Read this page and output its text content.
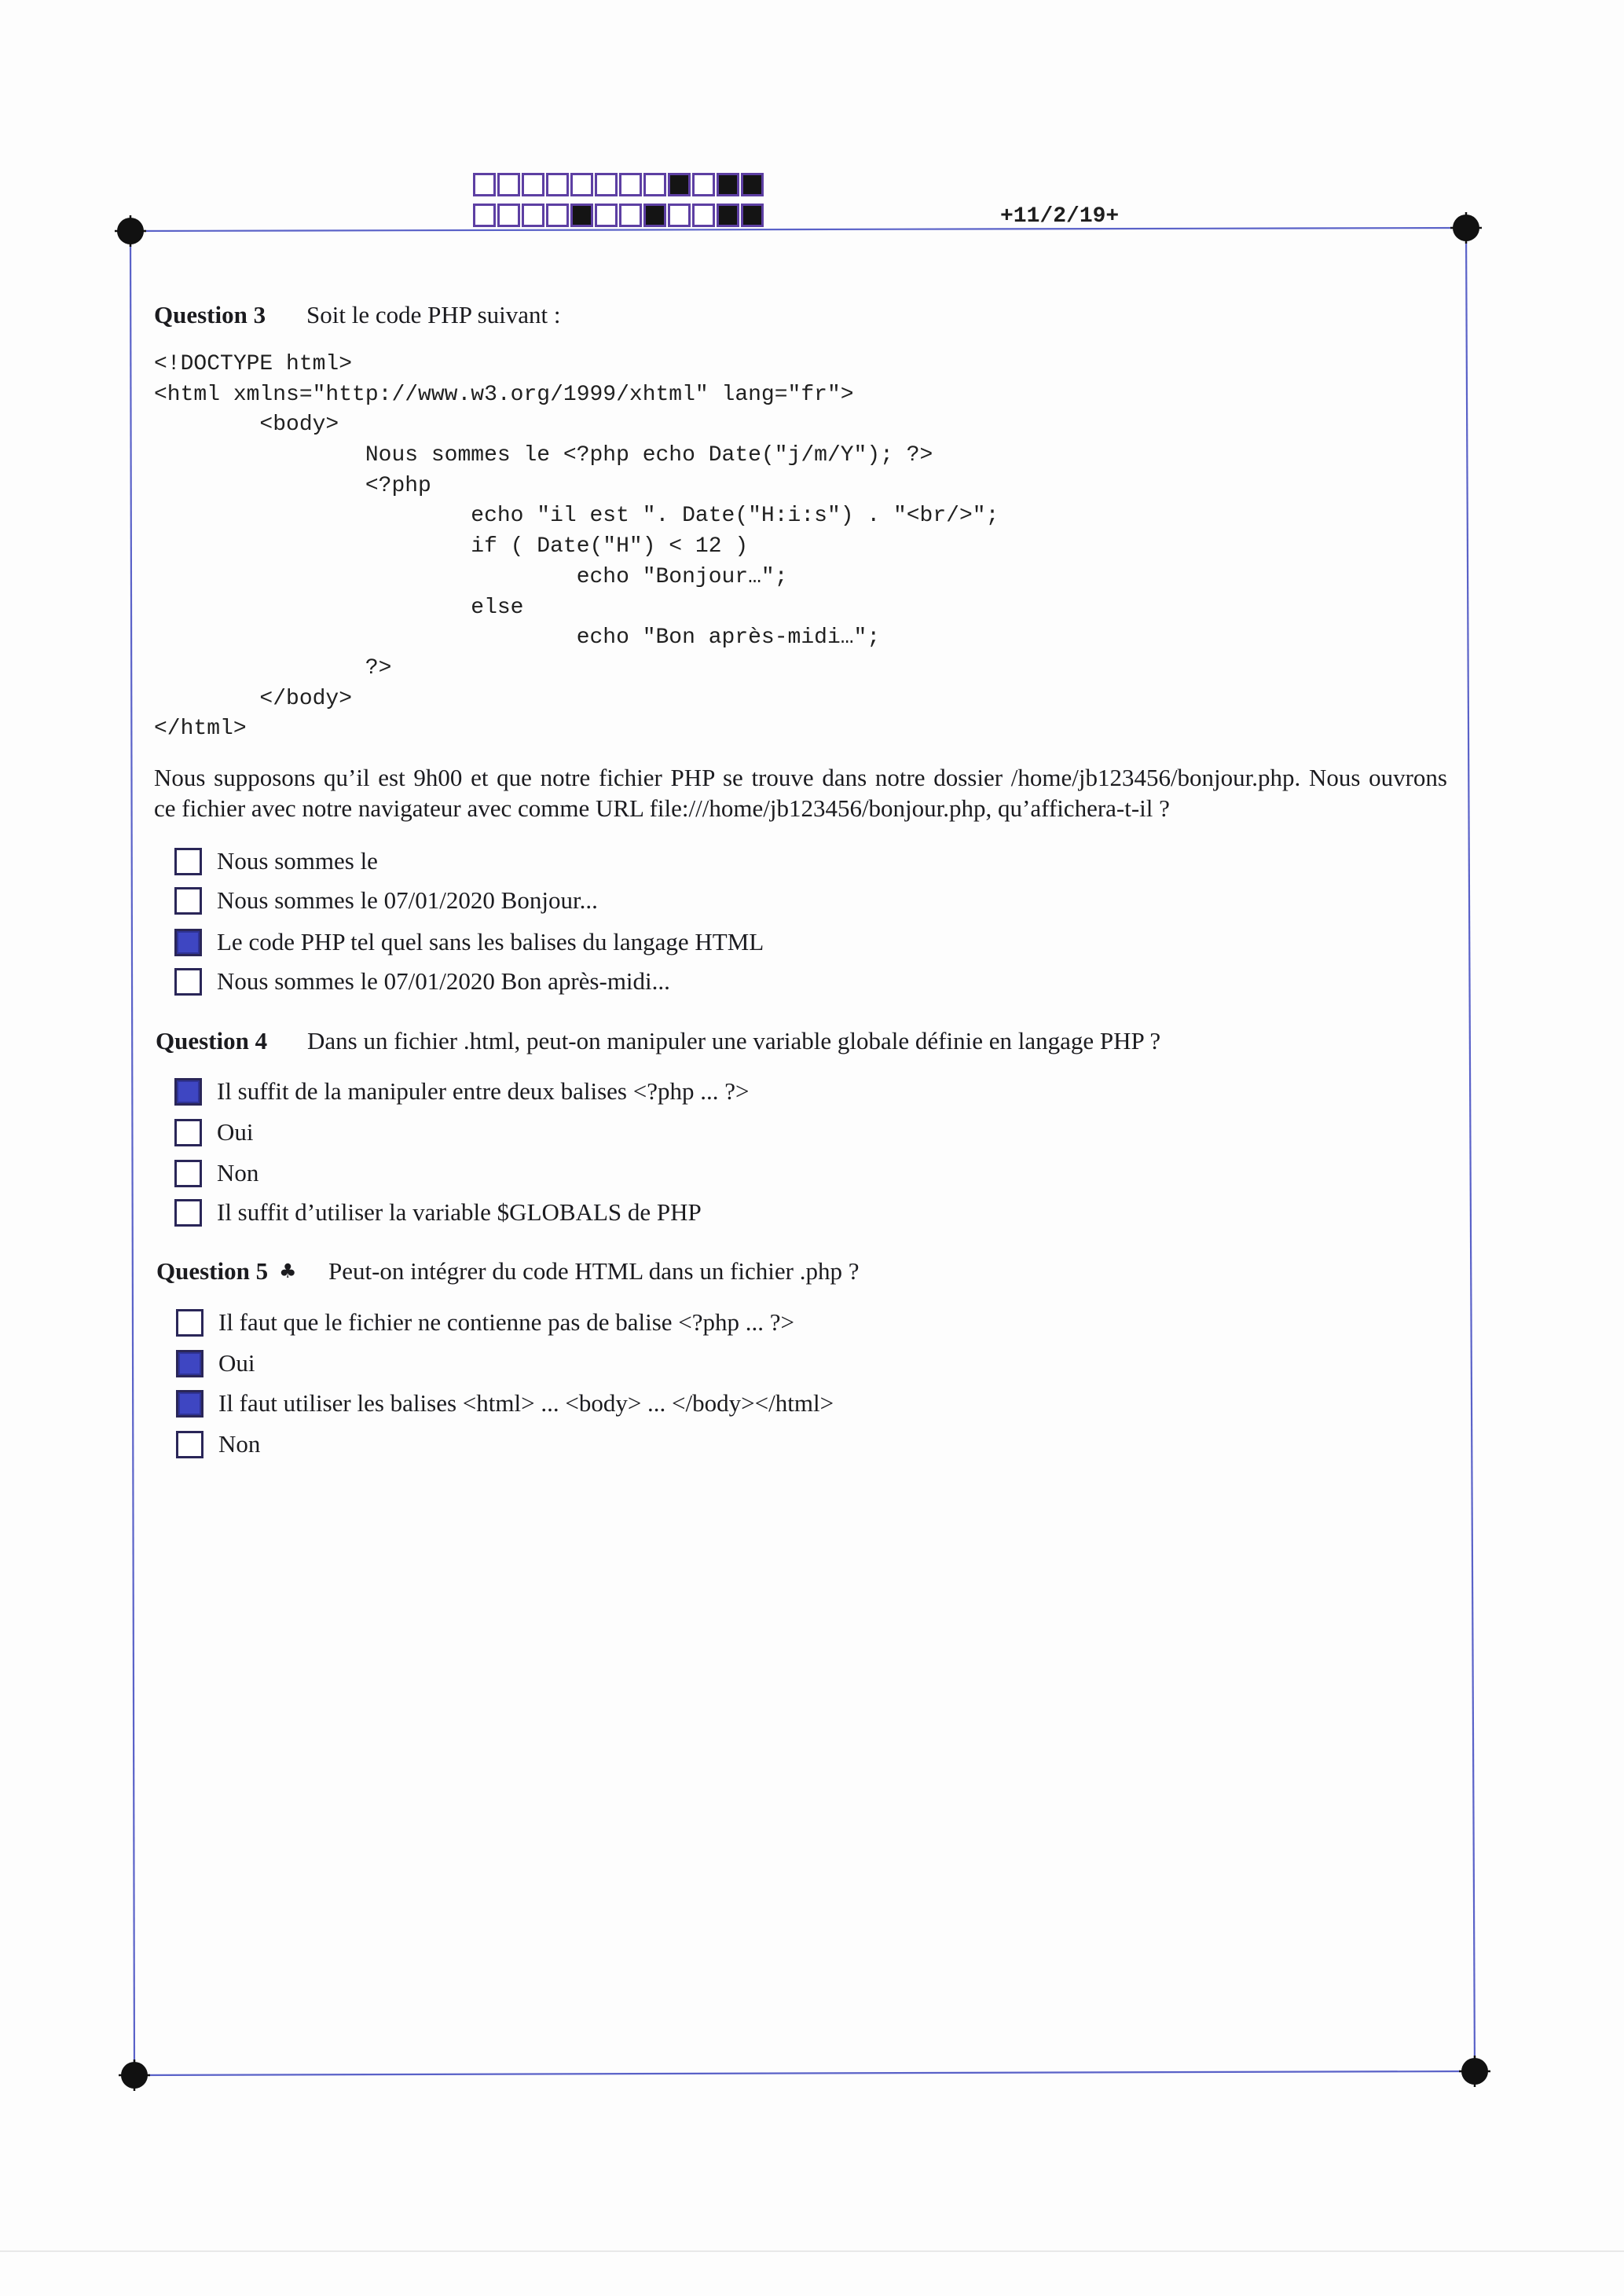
+11/2/19+
Question 3 Soit le code PHP suivant :
<!DOCTYPE html>
<html xmlns="http://www.w3.org/1999/xhtml" lang="fr">
<body>
Nous sommes le <?php echo Date("j/m/Y"); ?>
<?php
echo "il est ". Date("H:i:s") . "<br/>";
if ( Date("H") < 12 )
echo "Bonjour…";
else
echo "Bon après-midi…";
?>
</body>
</html>
Nous supposons qu’il est 9h00 et que notre fichier PHP se trouve dans notre dossier /home/jb123456/bonjour.php. Nous ouvrons
ce fichier avec notre navigateur avec comme URL file:///home/jb123456/bonjour.php, qu’affichera-t-il ?
Nous sommes le
Nous sommes le 07/01/2020 Bonjour...
Le code PHP tel quel sans les balises du langage HTML
Nous sommes le 07/01/2020 Bon après-midi...
Question 4 Dans un fichier .html, peut-on manipuler une variable globale définie en langage PHP ?
Il suffit de la manipuler entre deux balises <?php ... ?>
Oui
Non
Il suffit d’utiliser la variable $GLOBALS de PHP
Question 5 ♣ Peut-on intégrer du code HTML dans un fichier .php ?
Il faut que le fichier ne contienne pas de balise <?php ... ?>
Oui
Il faut utiliser les balises <html> ... <body> ... </body></html>
Non
